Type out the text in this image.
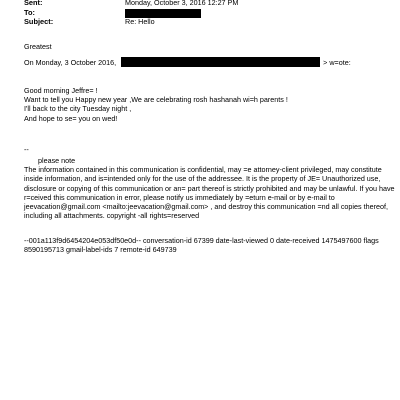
Sent:	Monday, October 3, 2016 12:27 PM
To:
Subject:	Re: Hello
Greatest
On Monday, 3 October 2016,	> w=ote:
Good morning Jeffre= !
Want to tell you Happy new year ,We are celebrating rosh hashanah wi=h parents !
I'll back to the city Tuesday night ,
And hope to se= you on wed!
--
please note
The information contained in this communication is confidential, may =e attorney-client privileged, may constitute
inside information, and is=intended only for the use of the addressee. It is the property of JE= Unauthorized use,
disclosure or copying of this communication or an= part thereof is strictly prohibited and may be unlawful. If you have
r=ceived this communication in error, please notify us immediately by =eturn e-mail or by e-mail to
jeevacation@gmail.com <mailto:jeevacation@gmail.com> , and destroy this communication =nd all copies thereof,
including all attachments. copyright -all rights=reserved
--001a113f9d6454204e053df50e0d-- conversation-id 67399 date-last-viewed 0 date-received 1475497600 flags
8590195713 gmail-label-ids 7 remote-id 649739
